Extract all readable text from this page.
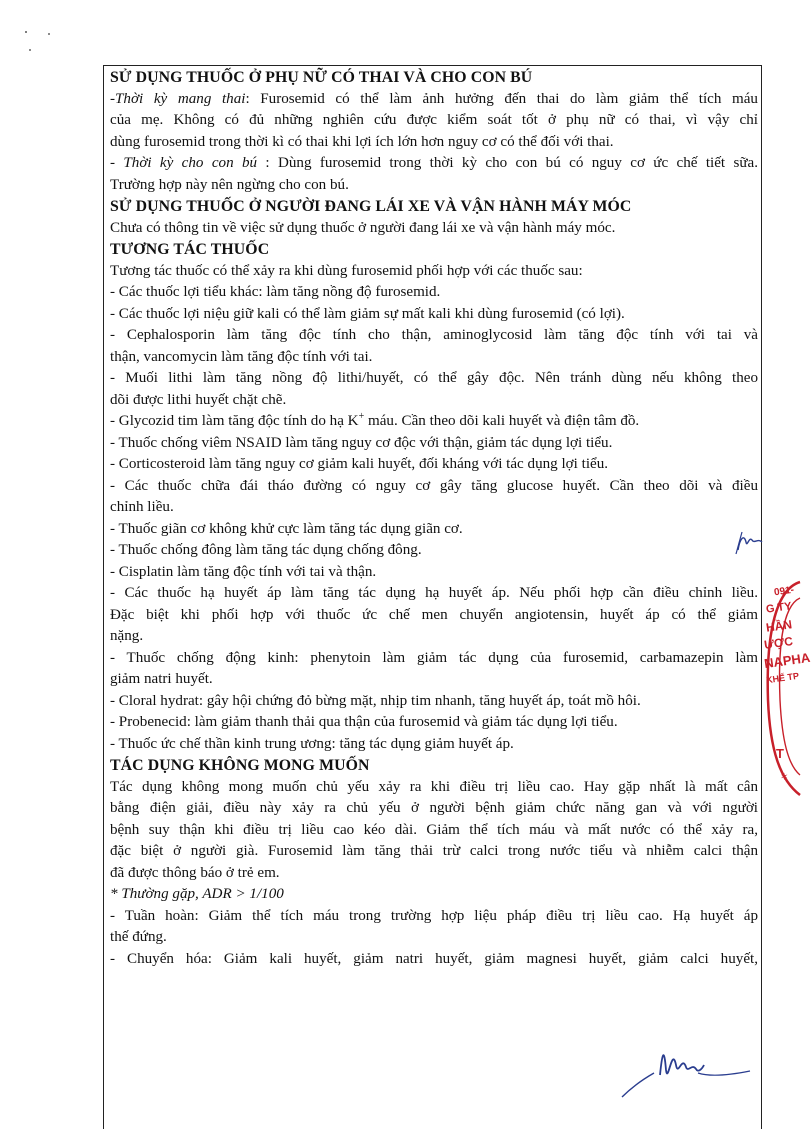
SỬ DỤNG THUỐC Ở PHỤ NỮ CÓ THAI VÀ CHO CON BÚ

-Thời kỳ mang thai: Furosemid có thể làm ảnh hưởng đến thai do làm giảm thể tích máu

của mẹ. Không có đủ những nghiên cứu được kiểm soát tốt ở phụ nữ có thai, vì vậy chỉ

dùng furosemid trong thời kì có thai khi lợi ích lớn hơn nguy cơ có thể đối với thai.

- Thời kỳ cho con bú : Dùng furosemid trong thời kỳ cho con bú có nguy cơ ức chế tiết sữa.

Trường hợp này nên ngừng cho con bú.

SỬ DỤNG THUỐC Ở NGƯỜI ĐANG LÁI XE VÀ VẬN HÀNH MÁY MÓC

Chưa có thông tin về việc sử dụng thuốc ở người đang lái xe và vận hành máy móc.

TƯƠNG TÁC THUỐC

Tương tác thuốc có thể xảy ra khi dùng furosemid phối hợp với các thuốc sau:

- Các thuốc lợi tiểu khác: làm tăng nồng độ furosemid.

- Các thuốc lợi niệu giữ kali có thể làm giảm sự mất kali khi dùng furosemid (có lợi).

- Cephalosporin làm tăng độc tính cho thận, aminoglycosid làm tăng độc tính với tai và

thận, vancomycin làm tăng độc tính với tai.

- Muối lithi làm tăng nồng độ lithi/huyết, có thể gây độc. Nên tránh dùng nếu không theo

dõi được lithi huyết chặt chẽ.

- Glycozid tim làm tăng độc tính do hạ K+ máu. Cần theo dõi kali huyết và điện tâm đồ.

- Thuốc chống viêm NSAID làm tăng nguy cơ độc với thận, giảm tác dụng lợi tiểu.

- Corticosteroid làm tăng nguy cơ giảm kali huyết, đối kháng với tác dụng lợi tiểu.

- Các thuốc chữa đái tháo đường có nguy cơ gây tăng glucose huyết. Cần theo dõi và điều

chỉnh liều.

- Thuốc giãn cơ không khử cực làm tăng tác dụng giãn cơ.

- Thuốc chống đông làm tăng tác dụng chống đông.

- Cisplatin làm tăng độc tính với tai và thận.

- Các thuốc hạ huyết áp làm tăng tác dụng hạ huyết áp. Nếu phối hợp cần điều chỉnh liều.

Đặc biệt khi phối hợp với thuốc ức chế men chuyển angiotensin, huyết áp có thể giảm

nặng.

- Thuốc chống động kinh: phenytoin làm giảm tác dụng của furosemid, carbamazepin làm

giảm natri huyết.

- Cloral hydrat: gây hội chứng đỏ bừng mặt, nhịp tim nhanh, tăng huyết áp, toát mồ hôi.

- Probenecid: làm giảm thanh thải qua thận của furosemid và giảm tác dụng lợi tiểu.

- Thuốc ức chế thần kinh trung ương: tăng tác dụng giảm huyết áp.

TÁC DỤNG KHÔNG MONG MUỐN

Tác dụng không mong muốn chủ yếu xảy ra khi điều trị liều cao. Hay gặp nhất là mất cân

bằng điện giải, điều này xảy ra chủ yếu ở người bệnh giảm chức năng gan và với người

bệnh suy thận khi điều trị liều cao kéo dài. Giảm thể tích máu và mất nước có thể xảy ra,

đặc biệt ở người già. Furosemid làm tăng thải trừ calci trong nước tiểu và nhiễm calci thận

đã được thông báo ở trẻ em.

* Thường gặp, ADR > 1/100

- Tuần hoàn: Giảm thể tích máu trong trường hợp liệu pháp điều trị liều cao. Hạ huyết áp

thế đứng.

- Chuyển hóa: Giảm kali huyết, giảm natri huyết, giảm magnesi huyết, giảm calci huyết,

T
✶
091-
G TY
HẦN
ƯỢC
NAPHA
KHẾ TP
